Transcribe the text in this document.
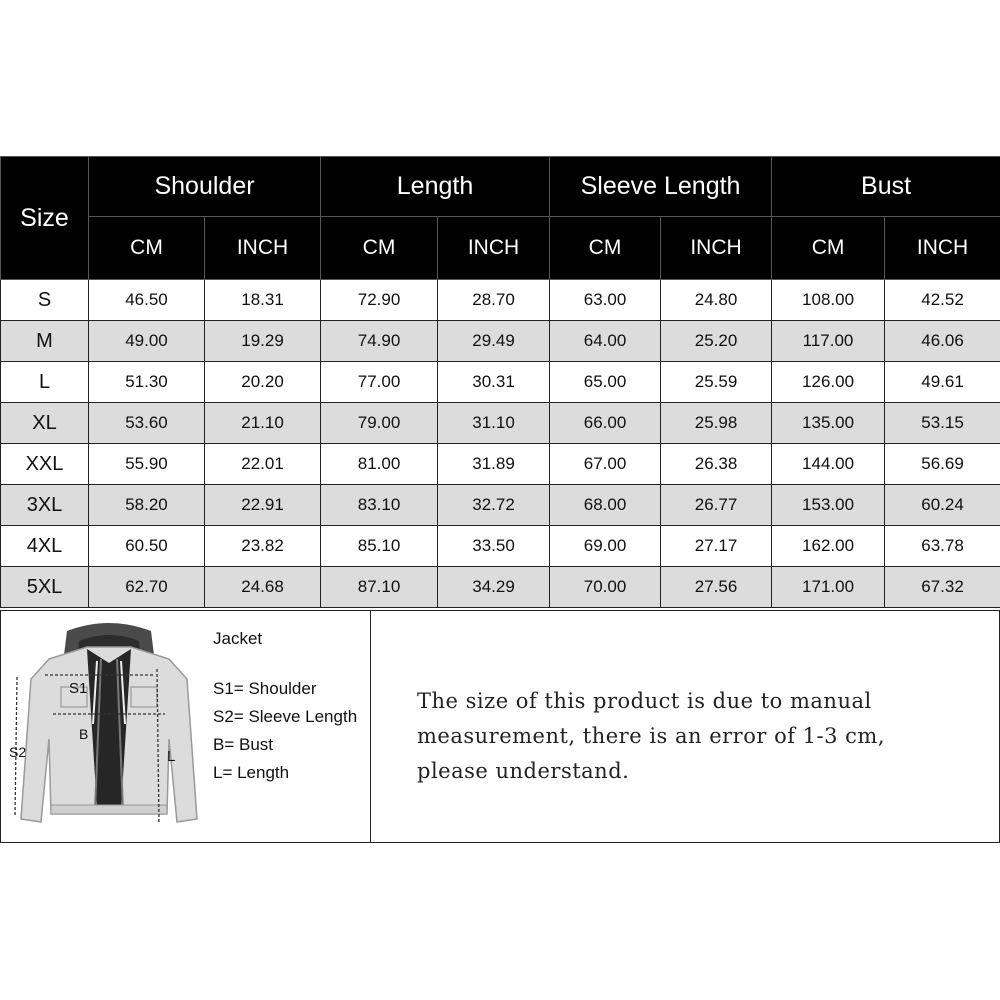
Size	Shoulder		Length		Sleeve Length		Bust	
	CM	INCH	CM	INCH	CM	INCH	CM	INCH
S	46.50	18.31	72.90	28.70	63.00	24.80	108.00	42.52
M	49.00	19.29	74.90	29.49	64.00	25.20	117.00	46.06
L	51.30	20.20	77.00	30.31	65.00	25.59	126.00	49.61
XL	53.60	21.10	79.00	31.10	66.00	25.98	135.00	53.15
XXL	55.90	22.01	81.00	31.89	67.00	26.38	144.00	56.69
3XL	58.20	22.91	83.10	32.72	68.00	26.77	153.00	60.24
4XL	60.50	23.82	85.10	33.50	69.00	27.17	162.00	63.78
5XL	62.70	24.68	87.10	34.29	70.00	27.56	171.00	67.32
S1
B
S2	L
Jacket
S1= Shoulder
S2= Sleeve Length
B= Bust
L= Length
The size of this product is due to manual
measurement, there is an error of 1-3 cm,
please understand.
